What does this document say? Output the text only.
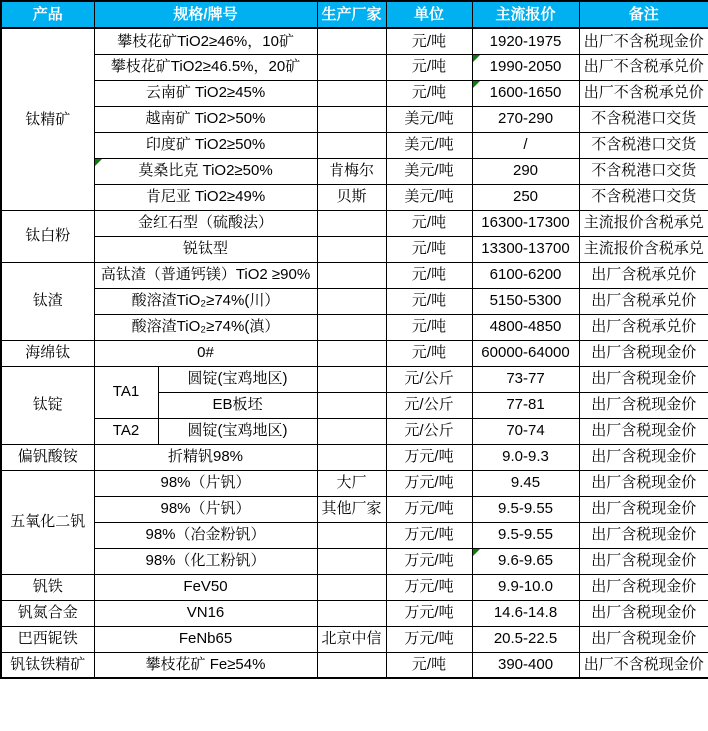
产品	规格/牌号		生产厂家	单位	主流报价	备注
钛精矿	攀枝花矿TiO2≥46%，10矿			元/吨	1920-1975	出厂不含税现金价
	攀枝花矿TiO2≥46.5%，20矿			元/吨	1990-2050	出厂不含税承兑价
	云南矿 TiO2≥45%			元/吨	1600-1650	出厂不含税承兑价
	越南矿 TiO2>50%			美元/吨	270-290	不含税港口交货
	印度矿 TiO2≥50%			美元/吨	/	不含税港口交货
	莫桑比克 TiO2≥50%		肯梅尔	美元/吨	290	不含税港口交货
	肯尼亚 TiO2≥49%		贝斯	美元/吨	250	不含税港口交货
钛白粉	金红石型（硫酸法）			元/吨	16300-17300	主流报价含税承兑
	锐钛型			元/吨	13300-13700	主流报价含税承兑
钛渣	高钛渣（普通钙镁）TiO2 ≥90%			元/吨	6100-6200	出厂含税承兑价
	酸溶渣TiO₂≥74%(川）			元/吨	5150-5300	出厂含税承兑价
	酸溶渣TiO₂≥74%(滇）			元/吨	4800-4850	出厂含税承兑价
海绵钛	0#			元/吨	60000-64000	出厂含税现金价
钛锭	TA1	圆锭(宝鸡地区)		元/公斤	73-77	出厂含税现金价
		EB板坯		元/公斤	77-81	出厂含税现金价
	TA2	圆锭(宝鸡地区)		元/公斤	70-74	出厂含税现金价
偏钒酸铵	折精钒98%			万元/吨	9.0-9.3	出厂含税现金价
五氧化二钒	98%（片钒）		大厂	万元/吨	9.45	出厂含税现金价
	98%（片钒）		其他厂家	万元/吨	9.5-9.55	出厂含税现金价
	98%（冶金粉钒）			万元/吨	9.5-9.55	出厂含税现金价
	98%（化工粉钒）			万元/吨	9.6-9.65	出厂含税现金价
钒铁	FeV50			万元/吨	9.9-10.0	出厂含税现金价
钒氮合金	VN16			万元/吨	14.6-14.8	出厂含税现金价
巴西铌铁	FeNb65		北京中信	万元/吨	20.5-22.5	出厂含税现金价
钒钛铁精矿	攀枝花矿 Fe≥54%			元/吨	390-400	出厂不含税现金价
